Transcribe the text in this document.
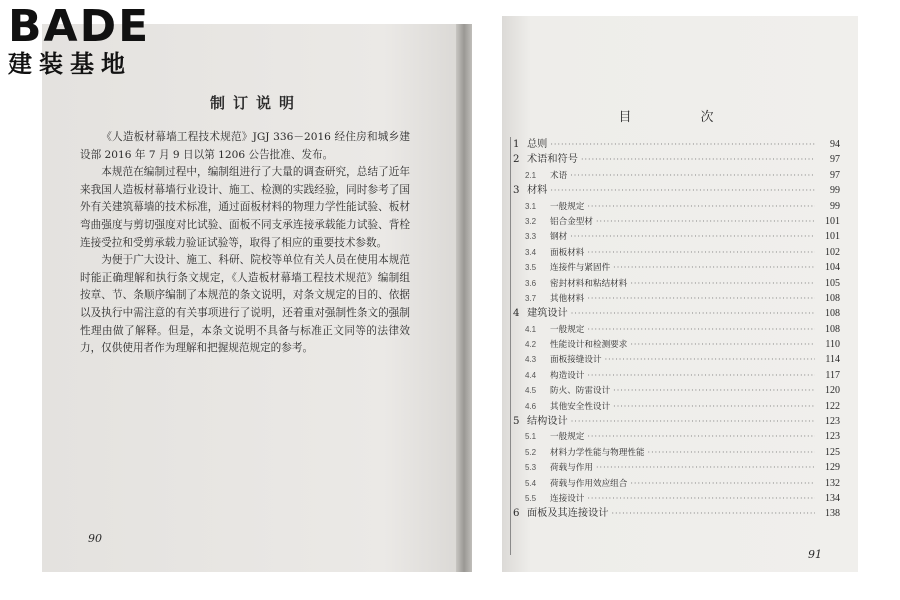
BADE
建装基地
制订说明

《人造板材幕墙工程技术规范》JGJ 336－2016 经住房和城乡建设部 2016 年 7 月 9 日以第 1206 公告批准、发布。

本规范在编制过程中，编制组进行了大量的调查研究，总结了近年来我国人造板材幕墙行业设计、施工、检测的实践经验，同时参考了国外有关建筑幕墙的技术标准，通过面板材料的物理力学性能试验、板材弯曲强度与剪切强度对比试验、面板不同支承连接承载能力试验、背栓连接受拉和受剪承载力验证试验等，取得了相应的重要技术参数。

为便于广大设计、施工、科研、院校等单位有关人员在使用本规范时能正确理解和执行条文规定，《人造板材幕墙工程技术规范》编制组按章、节、条顺序编制了本规范的条文说明，对条文规定的目的、依据以及执行中需注意的有关事项进行了说明，还着重对强制性条文的强制性理由做了解释。但是，本条文说明不具备与标准正文同等的法律效力，仅供使用者作为理解和把握规范规定的参考。

90
目　次
1 总则 ·····	94
2 术语和符号 ·····	97
2.1	术语 ·····	97
3 材料 ·····	99
3.1	一般规定 ·····	99
3.2	铝合金型材 ·····	101
3.3	钢材 ·····	101
3.4	面板材料 ·····	102
3.5	连接件与紧固件 ·····	104
3.6	密封材料和粘结材料 ·····	105
3.7	其他材料 ·····	108
4 建筑设计 ·····	108
4.1	一般规定 ·····	108
4.2	性能设计和检测要求 ·····	110
4.3	面板接缝设计 ·····	114
4.4	构造设计 ·····	117
4.5	防火、防雷设计 ·····	120
4.6	其他安全性设计 ·····	122
5 结构设计 ·····	123
5.1	一般规定 ·····	123
5.2	材料力学性能与物理性能 ·····	125
5.3	荷载与作用 ·····	129
5.4	荷载与作用效应组合 ·····	132
5.5	连接设计 ·····	134
6 面板及其连接设计 ·····	138
91
